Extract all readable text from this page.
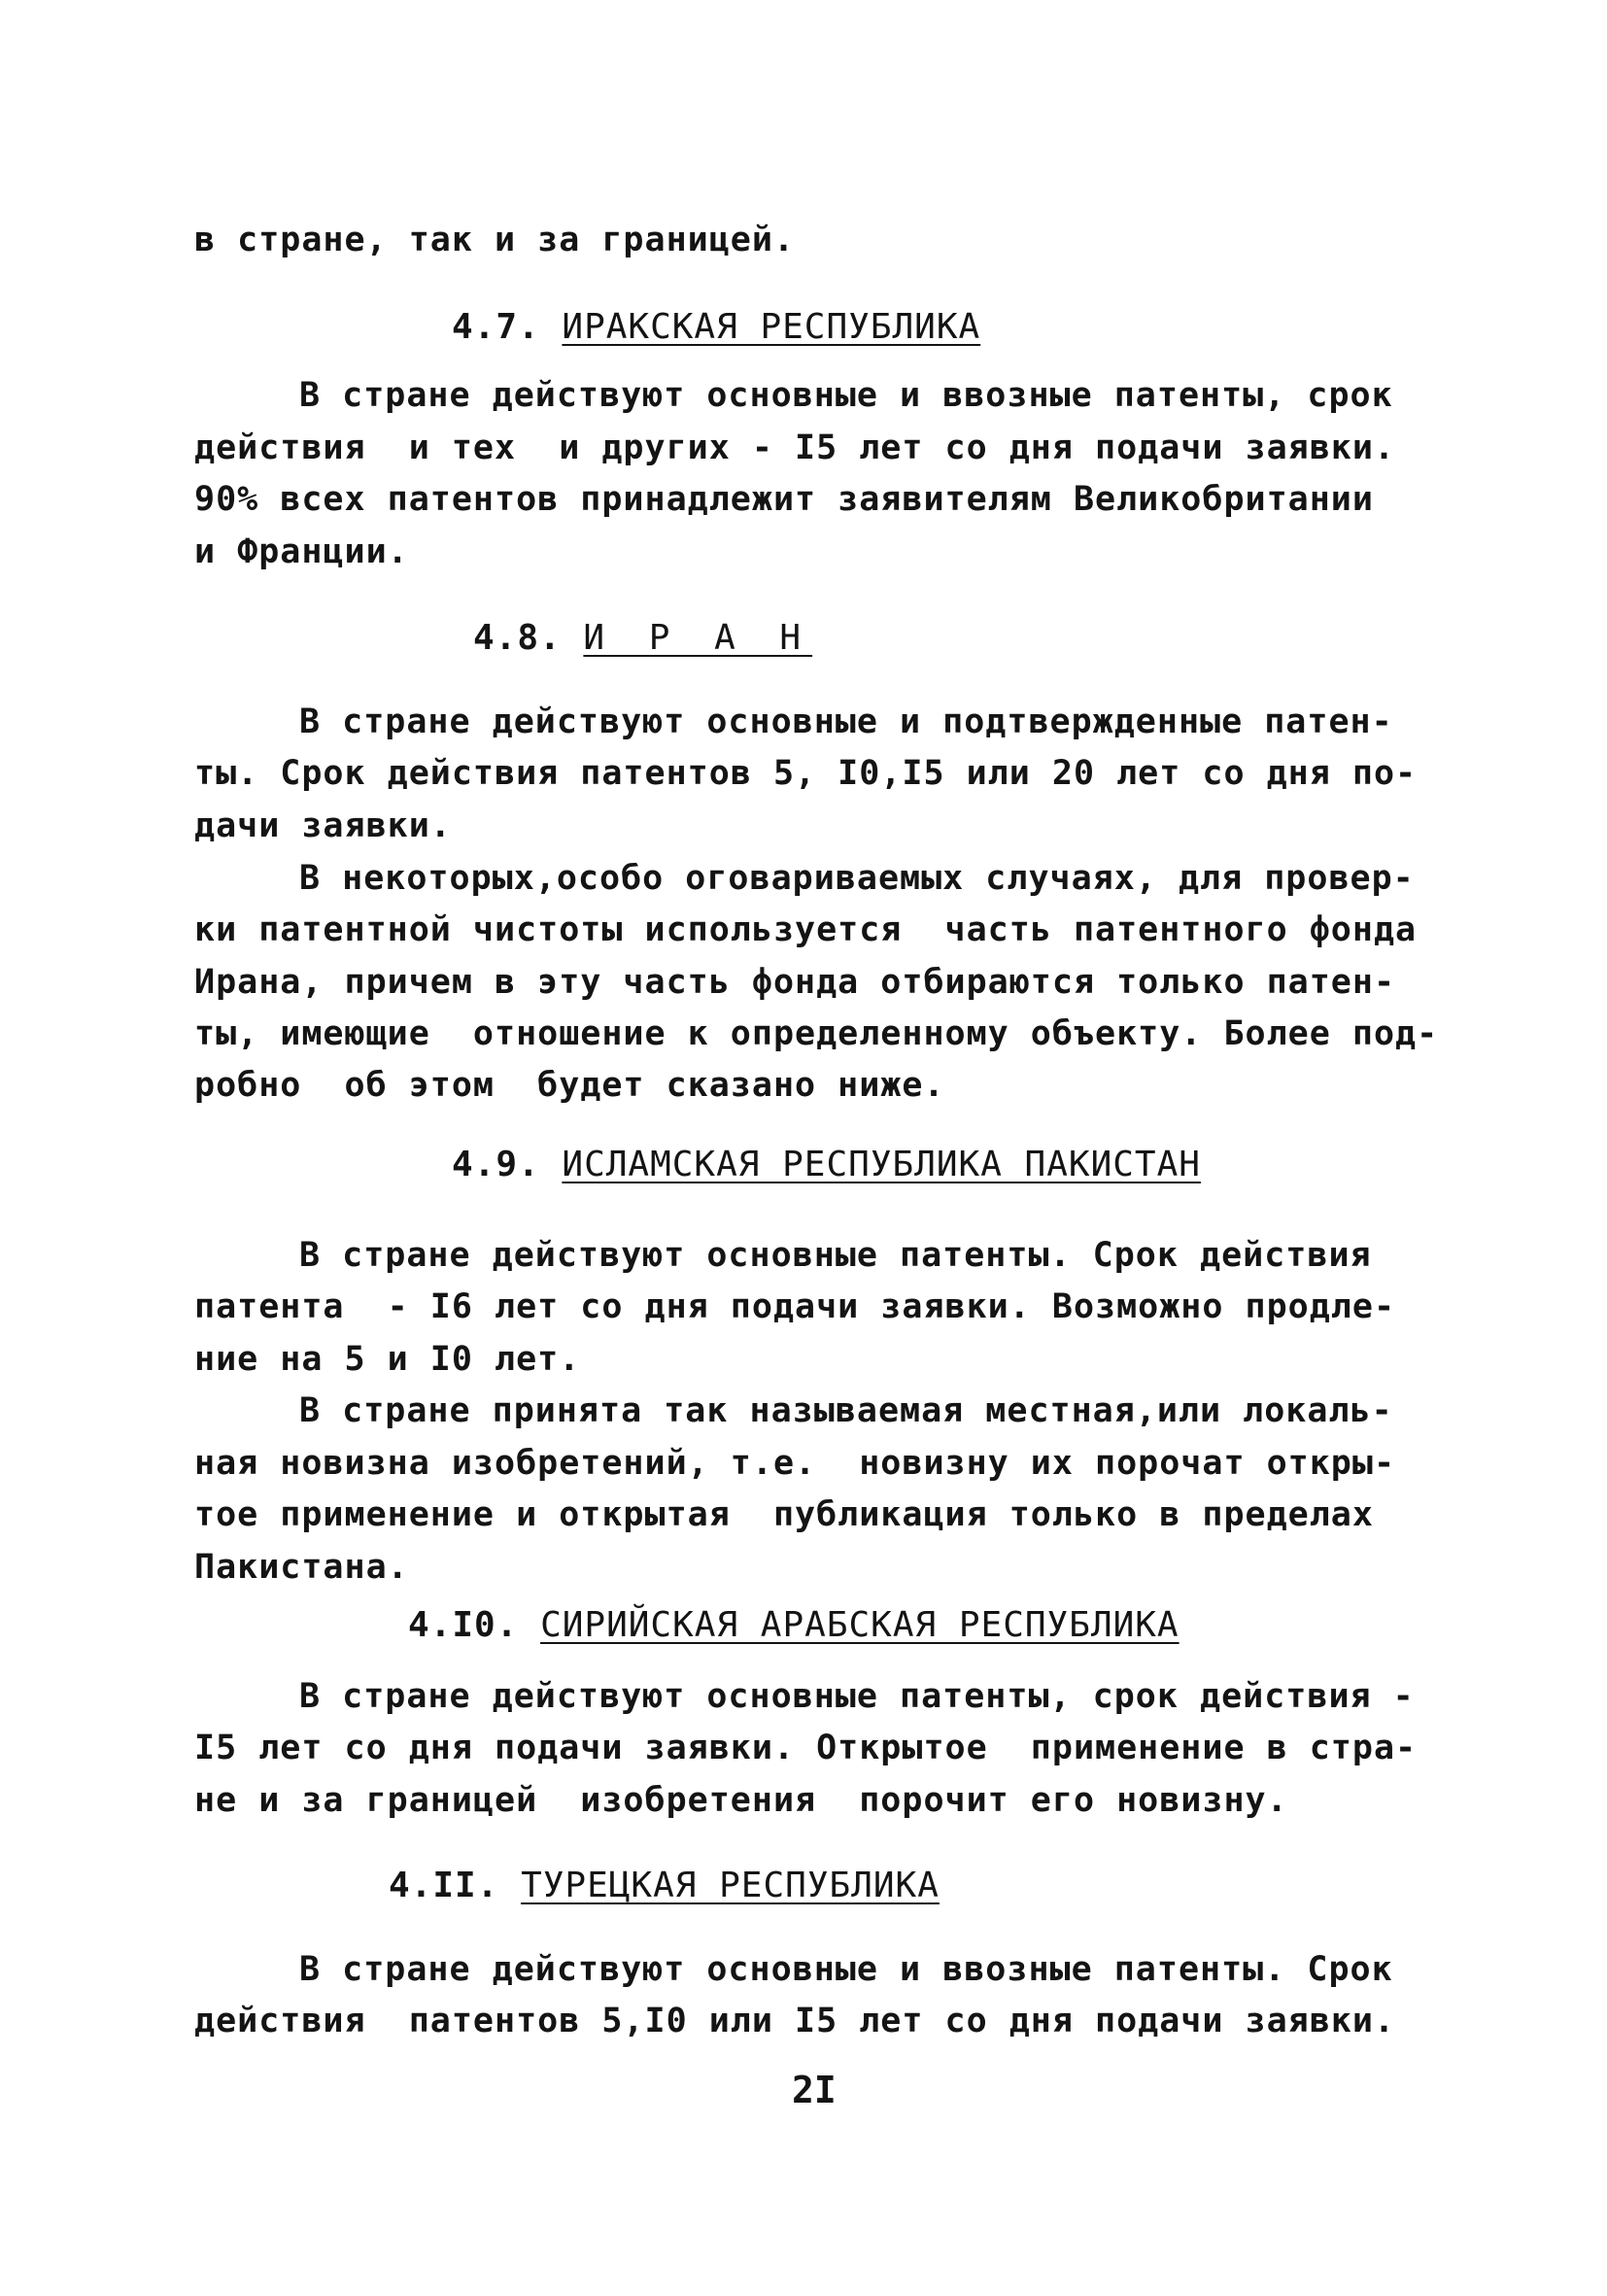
в стране, так и за границей.
4.7. ИРАКСКАЯ РЕСПУБЛИКА
В стране действуют основные и ввозные патенты, срок
действия  и тех  и других - I5 лет со дня подачи заявки.
90% всех патентов принадлежит заявителям Великобритании
и Франции.
4.8. И Р А Н
В стране действуют основные и подтвержденные патен-
ты. Срок действия патентов 5, I0,I5 или 20 лет со дня по-
дачи заявки.
В некоторых,особо оговариваемых случаях, для провер-
ки патентной чистоты используется  часть патентного фонда
Ирана, причем в эту часть фонда отбираются только патен-
ты, имеющие  отношение к определенному объекту. Более под-
робно  об этом  будет сказано ниже.
4.9. ИСЛАМСКАЯ РЕСПУБЛИКА ПАКИСТАН
В стране действуют основные патенты. Срок действия
патента  - I6 лет со дня подачи заявки. Возможно продле-
ние на 5 и I0 лет.
В стране принята так называемая местная,или локаль-
ная новизна изобретений, т.е.  новизну их порочат откры-
тое применение и открытая  публикация только в пределах
Пакистана.
4.I0. СИРИЙСКАЯ АРАБСКАЯ РЕСПУБЛИКА
В стране действуют основные патенты, срок действия -
I5 лет со дня подачи заявки. Открытое  применение в стра-
не и за границей  изобретения  порочит его новизну.
4.II. ТУРЕЦКАЯ РЕСПУБЛИКА
В стране действуют основные и ввозные патенты. Срок
действия  патентов 5,I0 или I5 лет со дня подачи заявки.
2I
